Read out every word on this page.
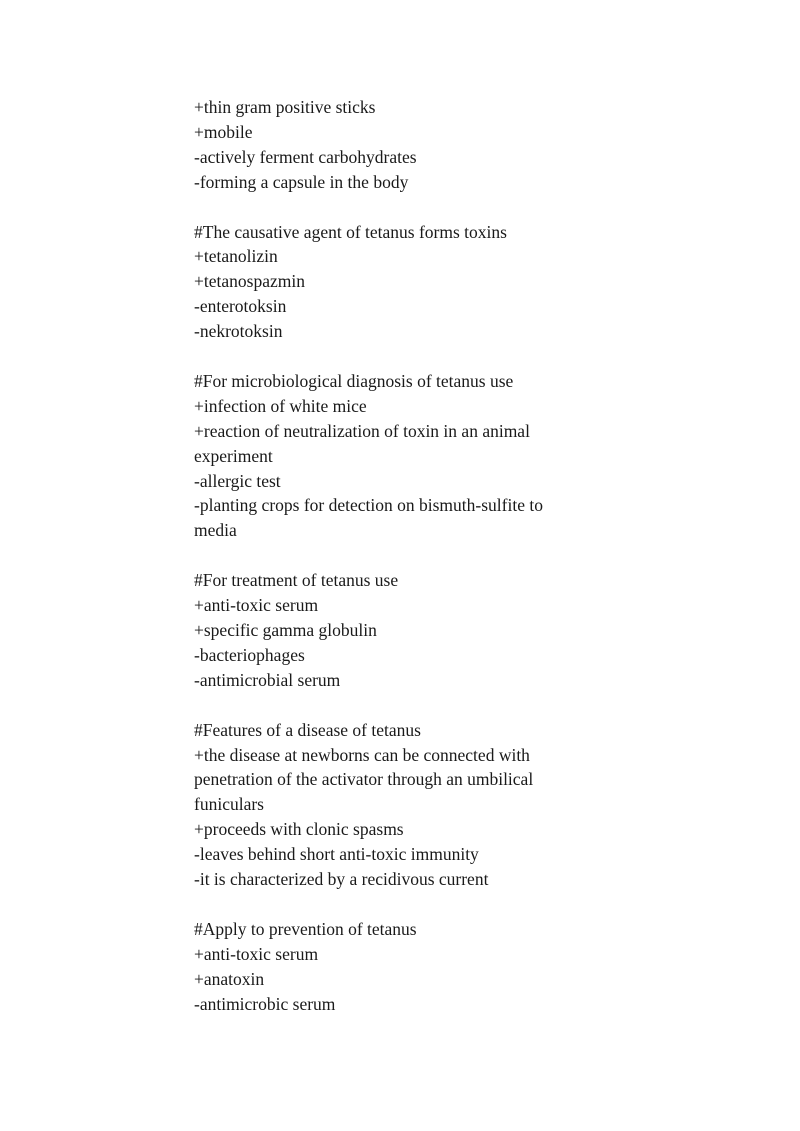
+thin gram positive sticks
+mobile
-actively ferment carbohydrates
-forming a capsule in the body
#The causative agent of tetanus forms toxins
+tetanolizin
+tetanospazmin
-enterotoksin
-nekrotoksin
#For microbiological diagnosis of tetanus use
+infection of white mice
+reaction of neutralization of toxin in an animal
experiment
-allergic test
-planting crops for detection on bismuth-sulfite to
media
#For treatment of tetanus use
+anti-toxic serum
+specific gamma globulin
-bacteriophages
-antimicrobial serum
#Features of a disease of tetanus
+the disease at newborns can be connected with
penetration of the activator through an umbilical
funiculars
+proceeds with clonic spasms
-leaves behind short anti-toxic immunity
-it is characterized by a recidivous current
#Apply to prevention of tetanus
+anti-toxic serum
+anatoxin
-antimicrobic serum
